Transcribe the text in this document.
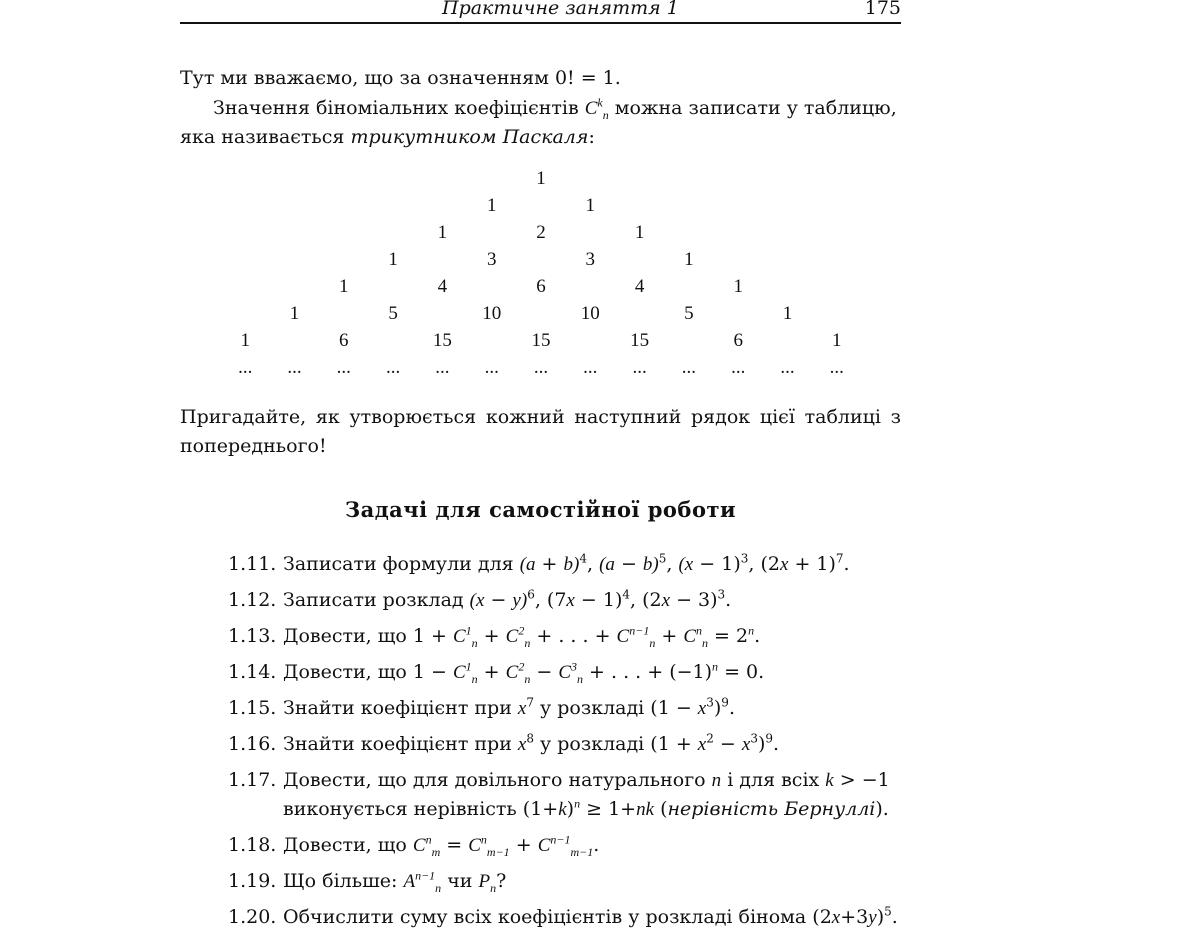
Практичне заняття 1	175
Тут ми вважаємо, що за означенням 0! = 1.
Значення біноміальних коефіцієнтів $C^k_n$ можна записати у таблицю, яка називається трикутником Паскаля:
1
1	1
1	2	1
1	3	3	1
1	4	6	4	1
1	5	10	10	5	1
1	6	15	15	15	6	1
...	...	...	...	...	...	...	...	...	...	...	...	...
Пригадайте, як утворюється кожний наступний рядок цієї таблиці з попереднього!
Задачі для самостійної роботи
1.11. Записати формули для $(a + b)^4$, $(a - b)^5$, $(x - 1)^3$, $(2x + 1)^7$.
1.12. Записати розклад $(x - y)^6$, $(7x - 1)^4$, $(2x - 3)^3$.
1.13. Довести, що $1 + C^1_n + C^2_n$ + . . . + $C^{n-1}_n + C^n_n = 2^n$.
1.14. Довести, що $1 - C^1_n + C^2_n - C^3_n$ + . . . + $(-1)^n = 0$.
1.15. Знайти коефіцієнт при $x^7$ у розкладі $(1 - x^3)^9$.
1.16. Знайти коефіцієнт при $x^8$ у розкладі $(1 + x^2 - x^3)^9$.
1.17. Довести, що для довільного натурального n і для всіх k > −1 виконується нерівність $(1+k)^n \ge 1+nk$ (нерівність Бернуллі).
1.18. Довести, що $C^n_m = C^n_{m-1} + C^{n-1}_{m-1}$.
1.19. Що більше: $A^{n-1}_n$ чи $P_n$?
1.20. Обчислити суму всіх коефіцієнтів у розкладі бінома $(2x+3y)^5$.
